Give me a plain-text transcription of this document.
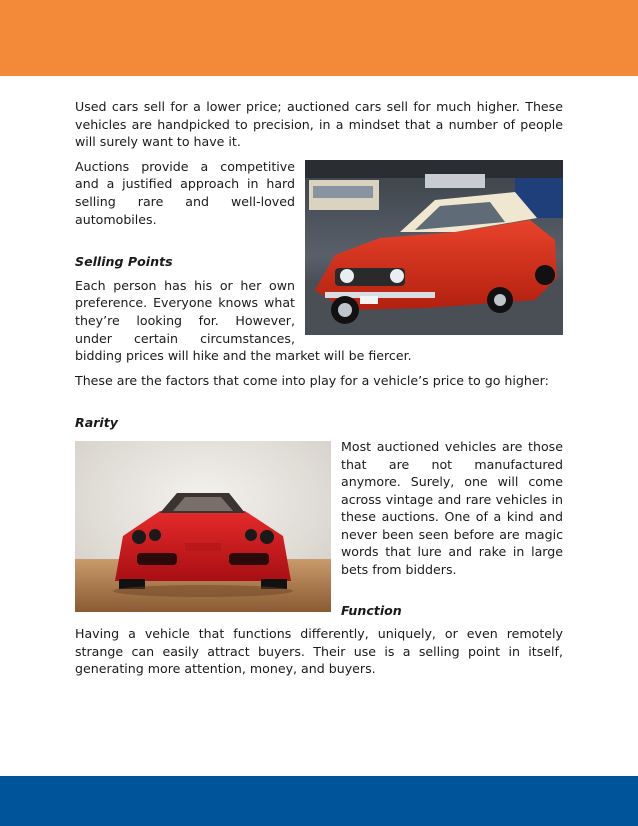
Used cars sell for a lower price; auctioned cars sell for much higher. These vehicles are handpicked to precision, in a mindset that a number of people will surely want to have it.

Auctions provide a competitive and a justified approach in hard selling rare and well-loved automobiles.

Selling Points

Each person has his or her own preference. Everyone knows what they’re looking for. However, under certain circumstances, bidding prices will hike and the market will be fiercer.

These are the factors that come into play for a vehicle’s price to go higher:

Rarity

Most auctioned vehicles are those that are not manufactured anymore. Surely, one will come across vintage and rare vehicles in these auctions. One of a kind and never been seen before are magic words that lure and rake in large bets from bidders.

Function

Having a vehicle that functions differently, uniquely, or even remotely strange can easily attract buyers. Their use is a selling point in itself, generating more attention, money, and buyers.
